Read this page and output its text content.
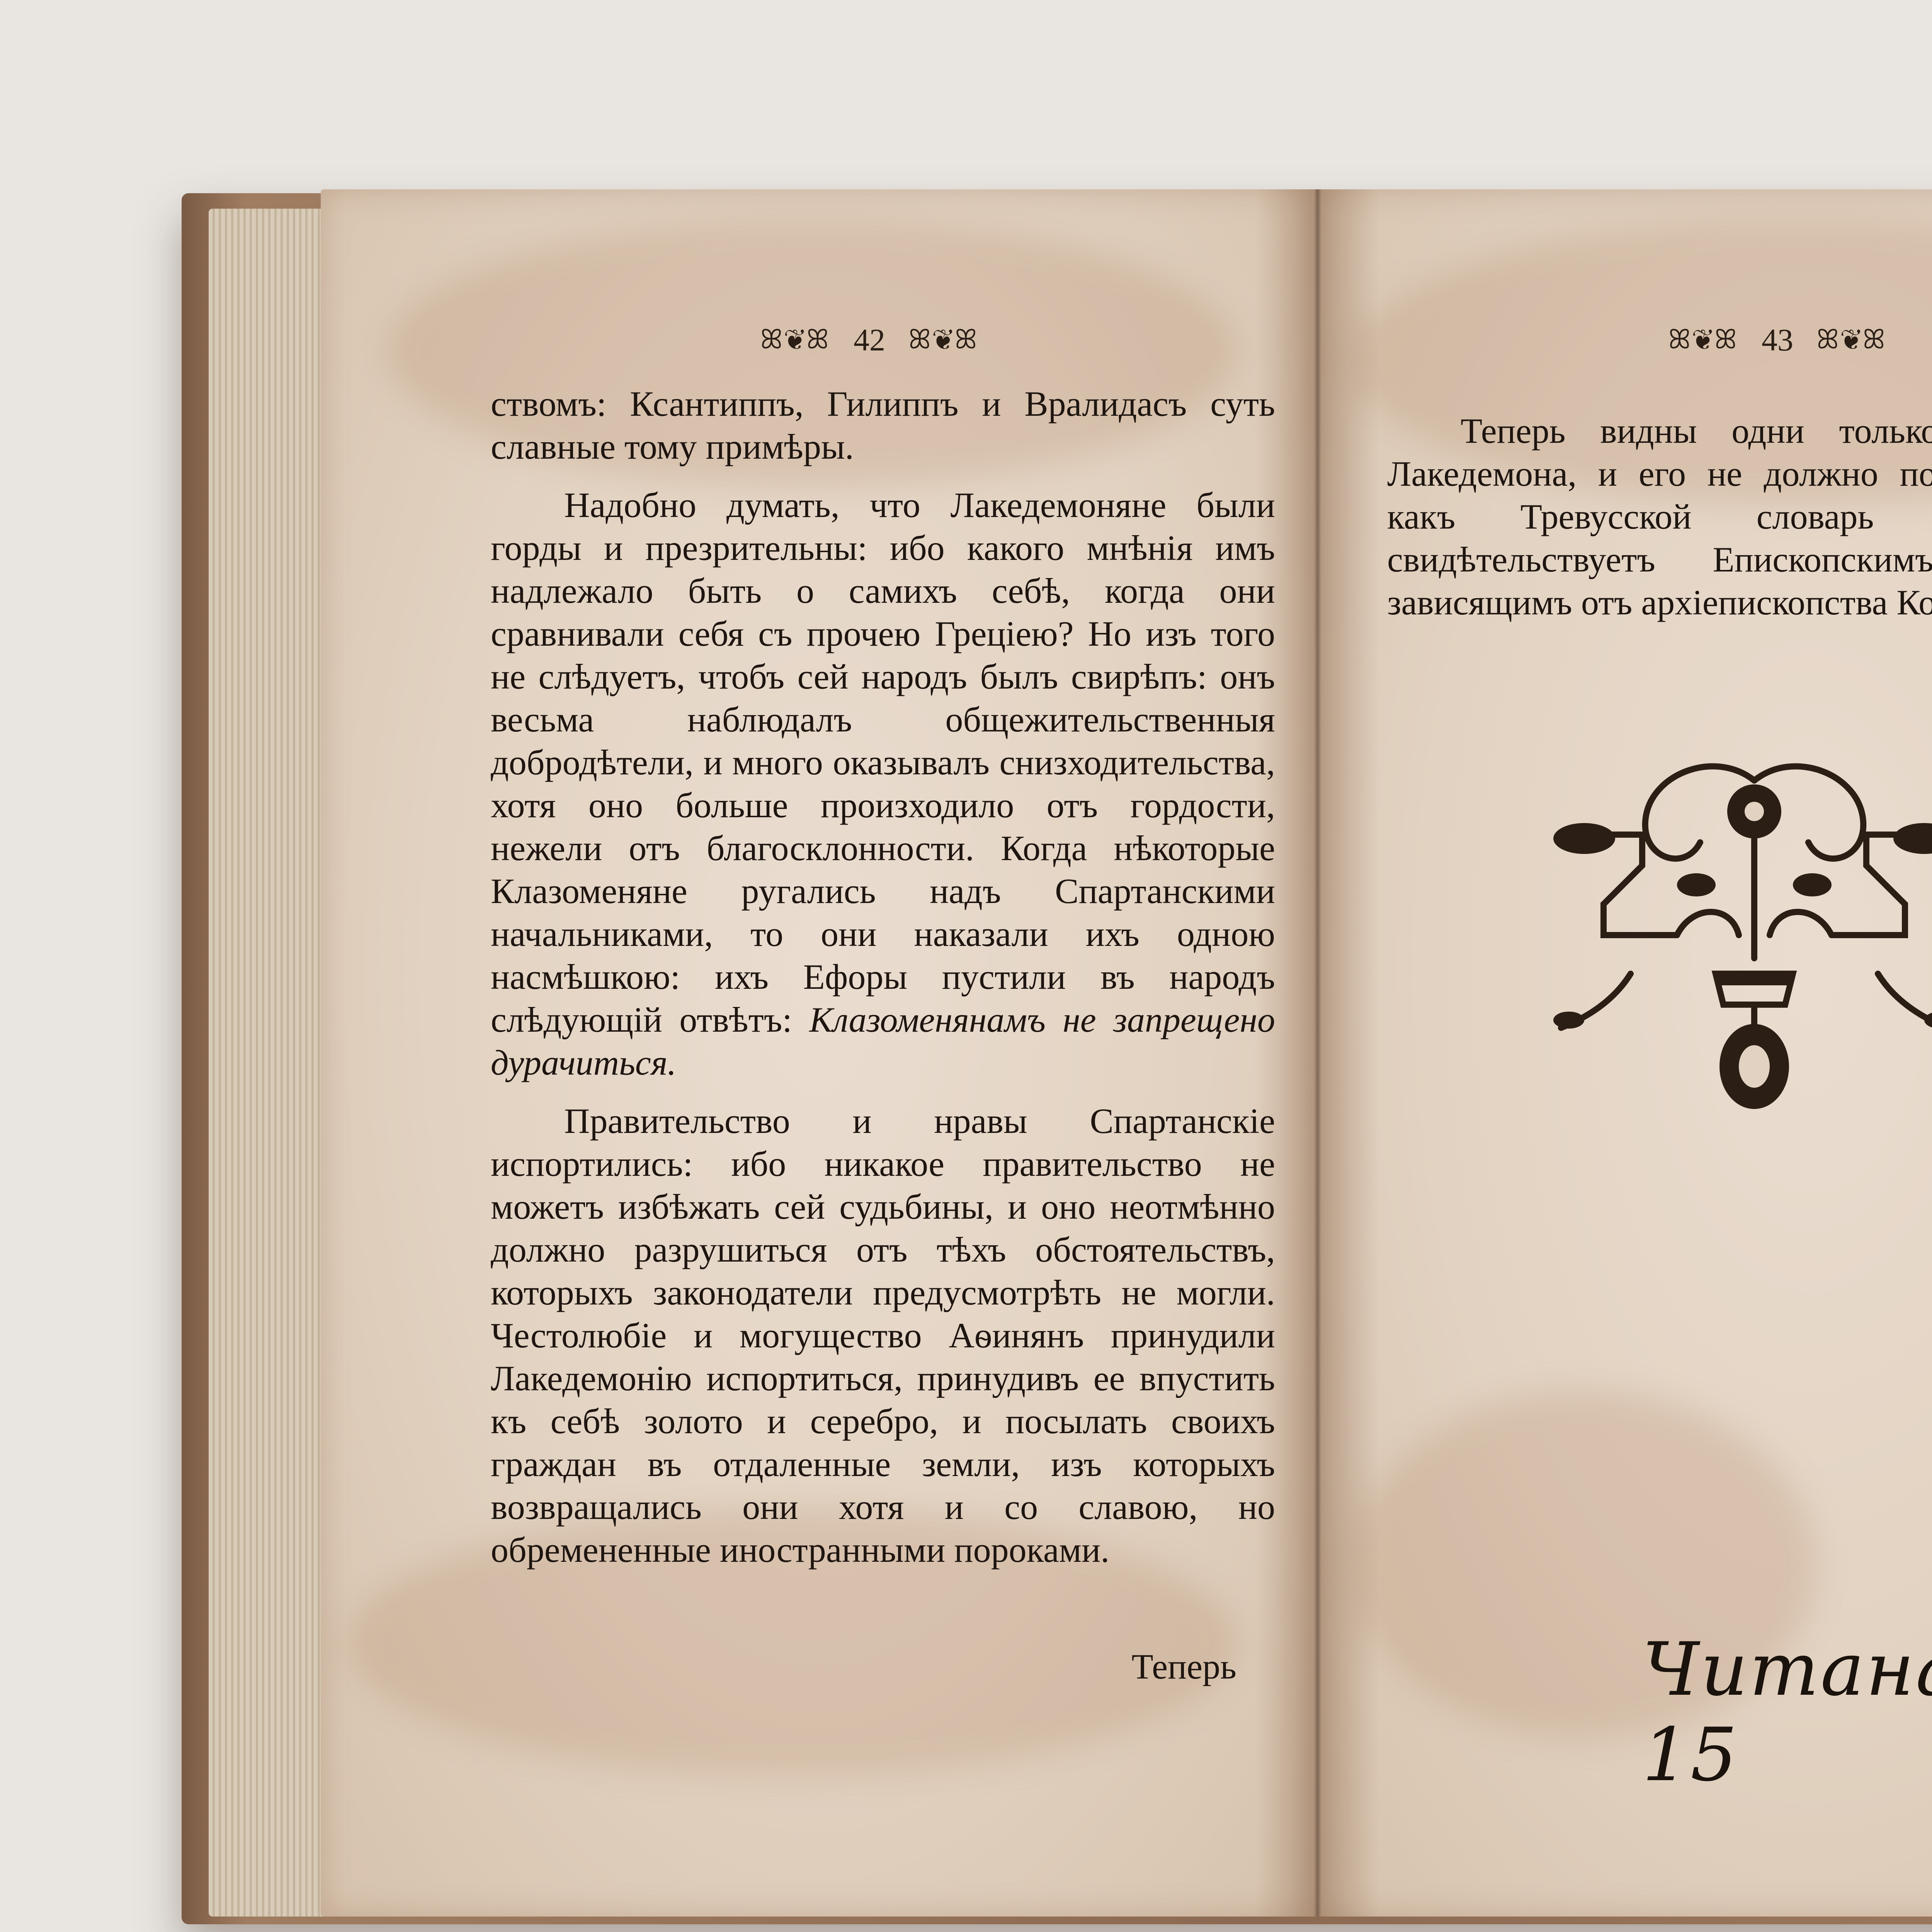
ꕤ❦ꕤ 42 ꕤ❦ꕤ

ствомъ: Ксантиппъ, Гилиппъ и Вралидасъ суть славные тому примѣры.

Надобно думать, что Лакедемоняне были горды и презрительны: ибо какого мнѣнія имъ надлежало быть о самихъ себѣ, когда они сравнивали себя съ прочею Греціею? Но изъ того не слѣдуетъ, чтобъ сей народъ былъ свирѣпъ: онъ весьма наблюдалъ общежительственныя добродѣтели, и много оказывалъ снизходительства, хотя оно больше произходило отъ гордости, нежели отъ благосклонности. Когда нѣкоторые Клазоменяне ругались надъ Спартанскими начальниками, то они наказали ихъ одною насмѣшкою: ихъ Ефоры пустили въ народъ слѣдующій отвѣтъ: Клазоменянамъ не запрещено дурачиться.

Правительство и нравы Спартанскіе испортились: ибо никакое правительство не можетъ избѣжать сей судьбины, и оно неотмѣнно должно разрушиться отъ тѣхъ обстоятельствъ, которыхъ законодатели предусмотрѣть не могли. Честолюбіе и могущество Аѳинянъ принудили Лакедемонію испортиться, принудивъ ее впустить къ себѣ золото и серебро, и посылать своихъ граждан въ отдаленные земли, изъ которыхъ возвращались они хотя и со славою, но обремененные иностранными пороками.

Теперь
ꕤ❦ꕤ 43 ꕤ❦ꕤ

Теперь видны одни только Лакедемона, и его не должно по какъ Тревусской словарь свидѣтельствуетъ Епископскимъ зависящимъ отъ архіепископства Ко

Читана 15
